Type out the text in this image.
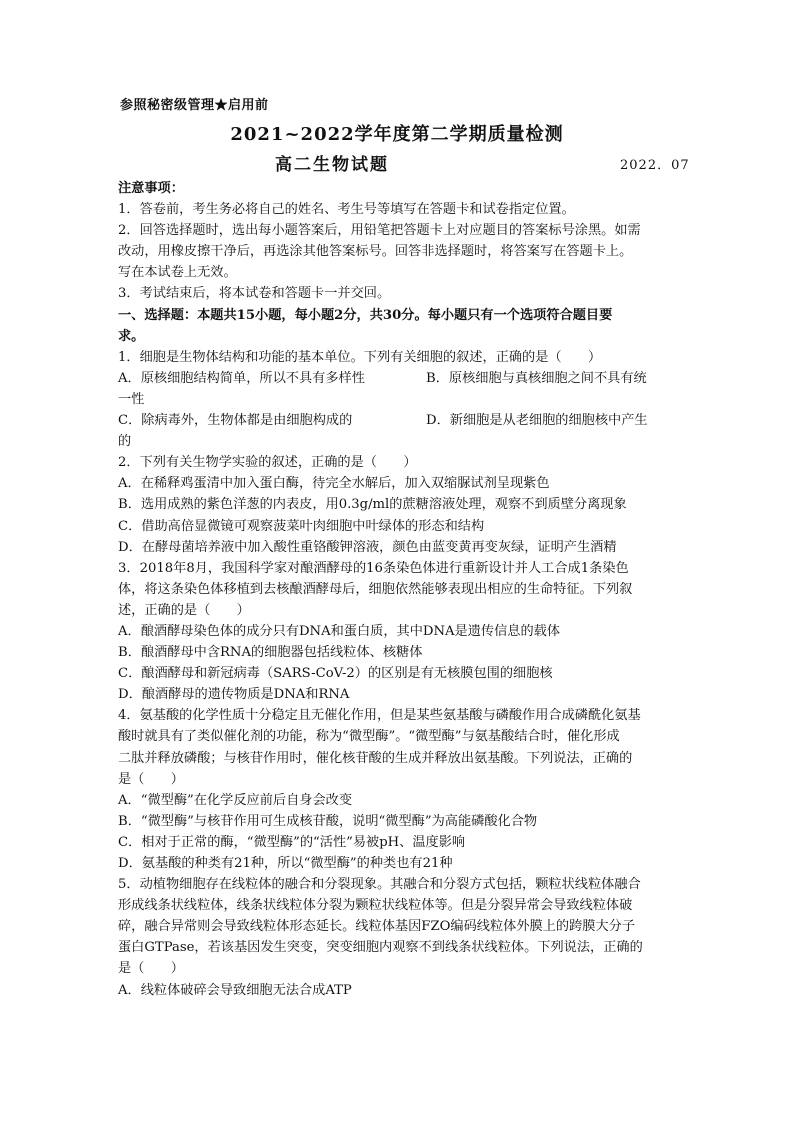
参照秘密级管理★启用前
2021~2022学年度第二学期质量检测
高二生物试题	2022．07
注意事项：
1．答卷前，考生务必将自己的姓名、考生号等填写在答题卡和试卷指定位置。
2．回答选择题时，选出每小题答案后，用铅笔把答题卡上对应题目的答案标号涂黑。如需
改动，用橡皮擦干净后，再选涂其他答案标号。回答非选择题时，将答案写在答题卡上。
写在本试卷上无效。
3．考试结束后，将本试卷和答题卡一并交回。
一、选择题：本题共15小题，每小题2分，共30分。每小题只有一个选项符合题目要
求。
1．细胞是生物体结构和功能的基本单位。下列有关细胞的叙述，正确的是（　　）
A．原核细胞结构简单，所以不具有多样性	B．原核细胞与真核细胞之间不具有统
一性
C．除病毒外，生物体都是由细胞构成的	D．新细胞是从老细胞的细胞核中产生
的
2．下列有关生物学实验的叙述，正确的是（　　）
A．在稀释鸡蛋清中加入蛋白酶，待完全水解后，加入双缩脲试剂呈现紫色
B．选用成熟的紫色洋葱的内表皮，用0.3g/ml的蔗糖溶液处理，观察不到质壁分离现象
C．借助高倍显微镜可观察菠菜叶肉细胞中叶绿体的形态和结构
D．在酵母菌培养液中加入酸性重铬酸钾溶液，颜色由蓝变黄再变灰绿，证明产生酒精
3．2018年8月，我国科学家对酿酒酵母的16条染色体进行重新设计并人工合成1条染色
体，将这条染色体移植到去核酿酒酵母后，细胞依然能够表现出相应的生命特征。下列叙
述，正确的是（　　）
A．酿酒酵母染色体的成分只有DNA和蛋白质，其中DNA是遗传信息的载体
B．酿酒酵母中含RNA的细胞器包括线粒体、核糖体
C．酿酒酵母和新冠病毒（SARS-CoV-2）的区别是有无核膜包围的细胞核
D．酿酒酵母的遗传物质是DNA和RNA
4．氨基酸的化学性质十分稳定且无催化作用，但是某些氨基酸与磷酸作用合成磷酰化氨基
酸时就具有了类似催化剂的功能，称为“微型酶”。“微型酶”与氨基酸结合时，催化形成
二肽并释放磷酸；与核苷作用时，催化核苷酸的生成并释放出氨基酸。下列说法，正确的
是（　　）
A．“微型酶”在化学反应前后自身会改变
B．“微型酶”与核苷作用可生成核苷酸，说明“微型酶”为高能磷酸化合物
C．相对于正常的酶，“微型酶”的“活性”易被pH、温度影响
D．氨基酸的种类有21种，所以“微型酶”的种类也有21种
5．动植物细胞存在线粒体的融合和分裂现象。其融合和分裂方式包括，颗粒状线粒体融合
形成线条状线粒体，线条状线粒体分裂为颗粒状线粒体等。但是分裂异常会导致线粒体破
碎，融合异常则会导致线粒体形态延长。线粒体基因FZO编码线粒体外膜上的跨膜大分子
蛋白GTPase，若该基因发生突变，突变细胞内观察不到线条状线粒体。下列说法，正确的
是（　　）
A．线粒体破碎会导致细胞无法合成ATP
